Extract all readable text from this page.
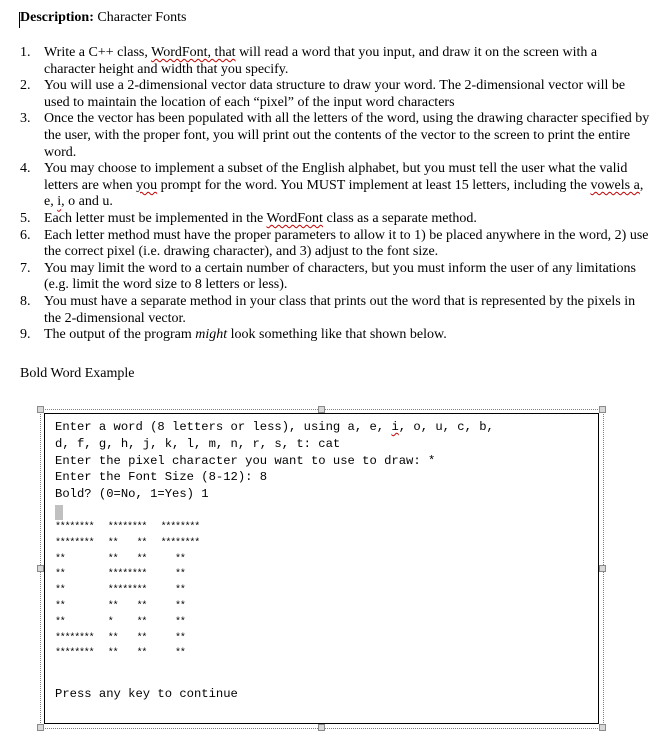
Description: Character Fonts
1. Write a C++ class, WordFont, that will read a word that you input, and draw it on the screen with a character height and width that you specify.
2. You will use a 2-dimensional vector data structure to draw your word. The 2-dimensional vector will be used to maintain the location of each “pixel” of the input word characters
3. Once the vector has been populated with all the letters of the word, using the drawing character specified by the user, with the proper font, you will print out the contents of the vector to the screen to print the entire word.
4. You may choose to implement a subset of the English alphabet, but you must tell the user what the valid letters are when you prompt for the word. You MUST implement at least 15 letters, including the vowels a, e, i, o and u.
5. Each letter must be implemented in the WordFont class as a separate method.
6. Each letter method must have the proper parameters to allow it to 1) be placed anywhere in the word, 2) use the correct pixel (i.e. drawing character), and 3) adjust to the font size.
7. You may limit the word to a certain number of characters, but you must inform the user of any limitations (e.g. limit the word size to 8 letters or less).
8. You must have a separate method in your class that prints out the word that is represented by the pixels in the 2-dimensional vector.
9. The output of the program might look something like that shown below.
Bold Word Example
Enter a word (8 letters or less), using a, e, i, o, u, c, b,
d, f, g, h, j, k, l, m, n, r, s, t: cat
Enter the pixel character you want to use to draw: *
Enter the Font Size (8-12): 8
Bold? (0=No, 1=Yes) 1
********   ********   ********
********   **    **   ********
**         **    **      **
**         ********      **
**         ********      **
**         **    **      **
**         *     **      **
********   **    **      **
********   **    **      **
Press any key to continue
